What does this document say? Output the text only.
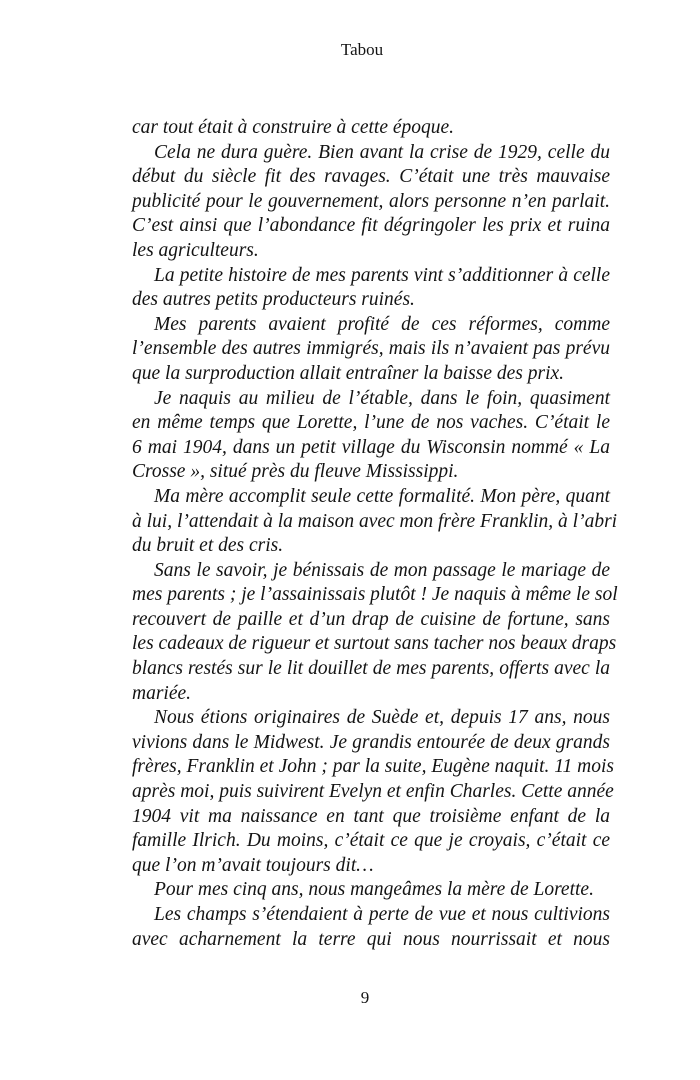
Tabou
car tout était à construire à cette époque.
Cela ne dura guère. Bien avant la crise de 1929, celle du
début du siècle fit des ravages. C’était une très mauvaise
publicité pour le gouvernement, alors personne n’en parlait.
C’est ainsi que l’abondance fit dégringoler les prix et ruina
les agriculteurs.
La petite histoire de mes parents vint s’additionner à celle
des autres petits producteurs ruinés.
Mes parents avaient profité de ces réformes, comme
l’ensemble des autres immigrés, mais ils n’avaient pas prévu
que la surproduction allait entraîner la baisse des prix.
Je naquis au milieu de l’étable, dans le foin, quasiment
en même temps que Lorette, l’une de nos vaches. C’était le
6 mai 1904, dans un petit village du Wisconsin nommé « La
Crosse », situé près du fleuve Mississippi.
Ma mère accomplit seule cette formalité. Mon père, quant
à lui, l’attendait à la maison avec mon frère Franklin, à l’abri
du bruit et des cris.
Sans le savoir, je bénissais de mon passage le mariage de
mes parents ; je l’assainissais plutôt ! Je naquis à même le sol
recouvert de paille et d’un drap de cuisine de fortune, sans
les cadeaux de rigueur et surtout sans tacher nos beaux draps
blancs restés sur le lit douillet de mes parents, offerts avec la
mariée.
Nous étions originaires de Suède et, depuis 17 ans, nous
vivions dans le Midwest. Je grandis entourée de deux grands
frères, Franklin et John ; par la suite, Eugène naquit. 11 mois
après moi, puis suivirent Evelyn et enfin Charles. Cette année
1904 vit ma naissance en tant que troisième enfant de la
famille Ilrich. Du moins, c’était ce que je croyais, c’était ce
que l’on m’avait toujours dit…
Pour mes cinq ans, nous mangeâmes la mère de Lorette.
Les champs s’étendaient à perte de vue et nous cultivions
avec acharnement la terre qui nous nourrissait et nous
9
